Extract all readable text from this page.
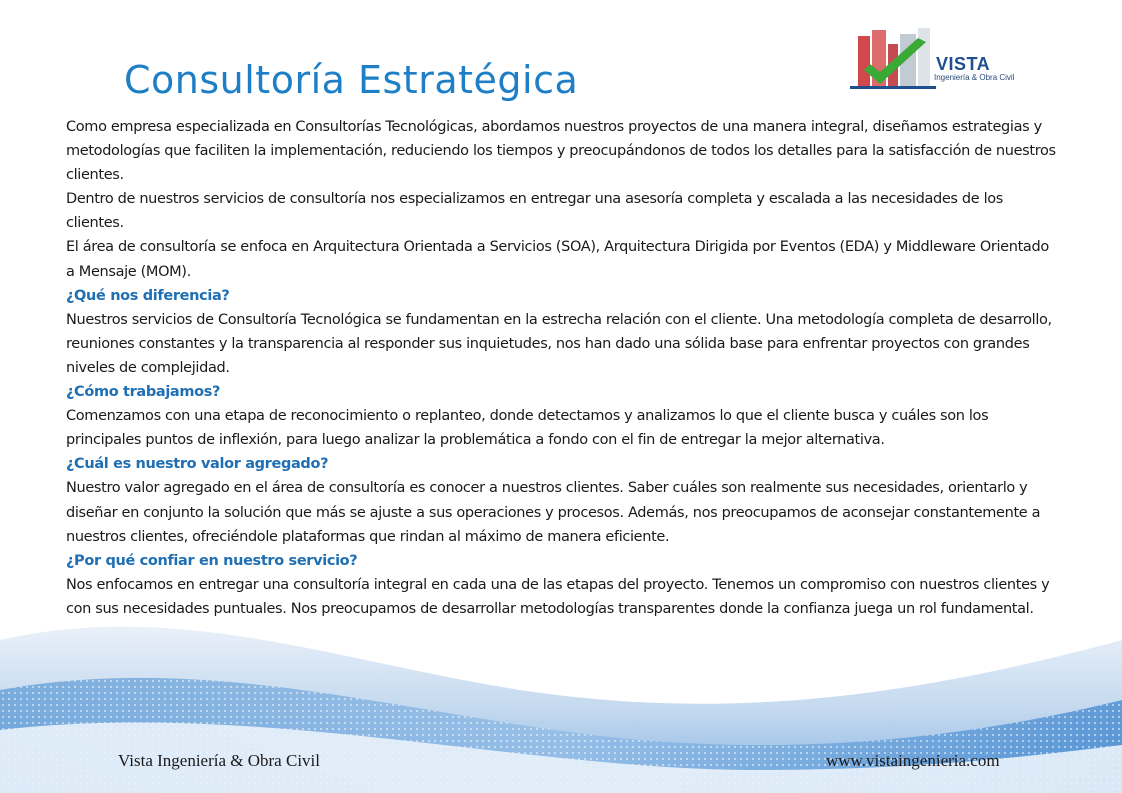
Consultoría Estratégica	VISTA
Ingeniería & Obra Civil

Como empresa especializada en Consultorías Tecnológicas, abordamos nuestros proyectos de una manera integral, diseñamos estrategias y metodologías que faciliten la implementación, reduciendo los tiempos y preocupándonos de todos los detalles para la satisfacción de nuestros clientes.

Dentro de nuestros servicios de consultoría nos especializamos en entregar una asesoría completa y escalada a las necesidades de los clientes.

El área de consultoría se enfoca en Arquitectura Orientada a Servicios (SOA), Arquitectura Dirigida por Eventos (EDA) y Middleware Orientado a Mensaje (MOM).

¿Qué nos diferencia?

Nuestros servicios de Consultoría Tecnológica se fundamentan en la estrecha relación con el cliente. Una metodología completa de desarrollo, reuniones constantes y la transparencia al responder sus inquietudes, nos han dado una sólida base para enfrentar proyectos con grandes niveles de complejidad.

¿Cómo trabajamos?

Comenzamos con una etapa de reconocimiento o replanteo, donde detectamos y analizamos lo que el cliente busca y cuáles son los principales puntos de inflexión, para luego analizar la problemática a fondo con el fin de entregar la mejor alternativa.

¿Cuál es nuestro valor agregado?

Nuestro valor agregado en el área de consultoría es conocer a nuestros clientes. Saber cuáles son realmente sus necesidades, orientarlo y diseñar en conjunto la solución que más se ajuste a sus operaciones y procesos. Además, nos preocupamos de aconsejar constantemente a nuestros clientes, ofreciéndole plataformas que rindan al máximo de manera eficiente.

¿Por qué confiar en nuestro servicio?

Nos enfocamos en entregar una consultoría integral en cada una de las etapas del proyecto. Tenemos un compromiso con nuestros clientes y con sus necesidades puntuales. Nos preocupamos de desarrollar metodologías transparentes donde la confianza juega un rol fundamental.

Vista Ingeniería & Obra Civil	www.vistaingenieria.com
